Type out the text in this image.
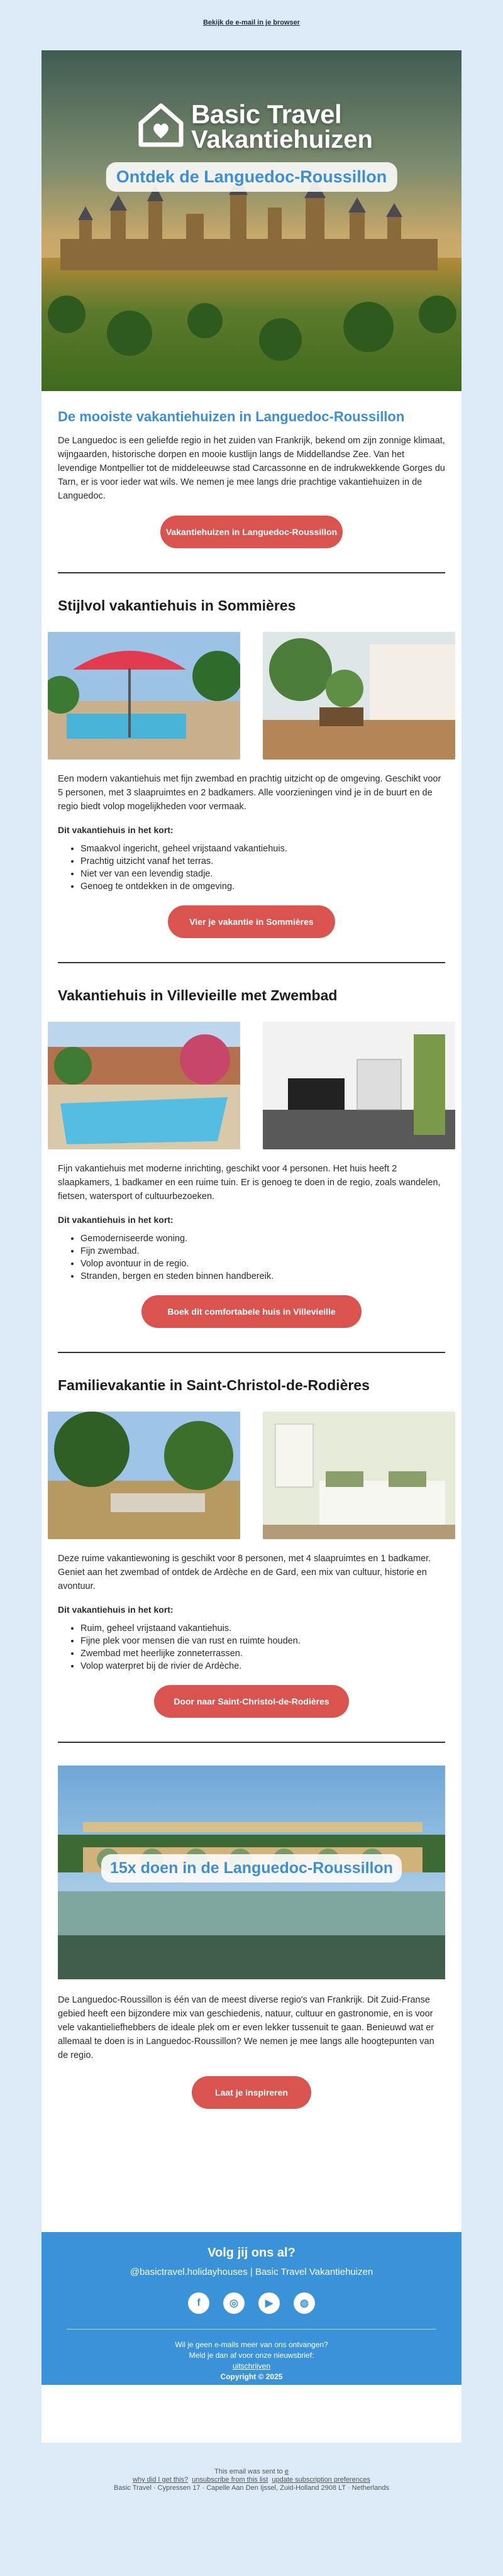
Bekijk de e-mail in je browser
Basic Travel
Vakantiehuizen
Ontdek de Languedoc-Roussillon
De mooiste vakantiehuizen in Languedoc-Roussillon

De Languedoc is een geliefde regio in het zuiden van Frankrijk, bekend om zijn zonnige klimaat, wijngaarden, historische dorpen en mooie kustlijn langs de Middellandse Zee. Van het levendige Montpellier tot de middeleeuwse stad Carcassonne en de indrukwekkende Gorges du Tarn, er is voor ieder wat wils. We nemen je mee langs drie prachtige vakantiehuizen in de Languedoc.

Vakantiehuizen in Languedoc-Roussillon
Stijlvol vakantiehuis in Sommières

Een modern vakantiehuis met fijn zwembad en prachtig uitzicht op de omgeving. Geschikt voor 5 personen, met 3 slaapruimtes en 2 badkamers. Alle voorzieningen vind je in de buurt en de regio biedt volop mogelijkheden voor vermaak.

Dit vakantiehuis in het kort:
• Smaakvol ingericht, geheel vrijstaand vakantiehuis.
• Prachtig uitzicht vanaf het terras.
• Niet ver van een levendig stadje.
• Genoeg te ontdekken in de omgeving.
Vier je vakantie in Sommières
Vakantiehuis in Villevieille met Zwembad

Fijn vakantiehuis met moderne inrichting, geschikt voor 4 personen. Het huis heeft 2 slaapkamers, 1 badkamer en een ruime tuin. Er is genoeg te doen in de regio, zoals wandelen, fietsen, watersport of cultuurbezoeken.

Dit vakantiehuis in het kort:
• Gemoderniseerde woning.
• Fijn zwembad.
• Volop avontuur in de regio.
• Stranden, bergen en steden binnen handbereik.
Boek dit comfortabele huis in Villevieille
Familievakantie in Saint-Christol-de-Rodières

Deze ruime vakantiewoning is geschikt voor 8 personen, met 4 slaapruimtes en 1 badkamer. Geniet aan het zwembad of ontdek de Ardèche en de Gard, een mix van cultuur, historie en avontuur.

Dit vakantiehuis in het kort:
• Ruim, geheel vrijstaand vakantiehuis.
• Fijne plek voor mensen die van rust en ruimte houden.
• Zwembad met heerlijke zonneterrassen.
• Volop waterpret bij de rivier de Ardèche.
Door naar Saint-Christol-de-Rodières
15x doen in de Languedoc-Roussillon

De Languedoc-Roussillon is één van de meest diverse regio's van Frankrijk. Dit Zuid-Franse gebied heeft een bijzondere mix van geschiedenis, natuur, cultuur en gastronomie, en is voor vele vakantieliefhebbers de ideale plek om er even lekker tussenuit te gaan. Benieuwd wat er allemaal te doen is in Languedoc-Roussillon? We nemen je mee langs alle hoogtepunten van de regio.

Laat je inspireren
Volg jij ons al?
@basictravel.holidayhouses | Basic Travel Vakantiehuizen
f	◎	▶	◍
Wil je geen e-mails meer van ons ontvangen?
Meld je dan af voor onze nieuwsbrief:
uitschrijven
Copyright © 2025
This email was sent to e
why did I get this? unsubscribe from this list update subscription preferences
Basic Travel · Cypressen 17 · Capelle Aan Den Ijssel, Zuid-Holland 2908 LT · Netherlands
